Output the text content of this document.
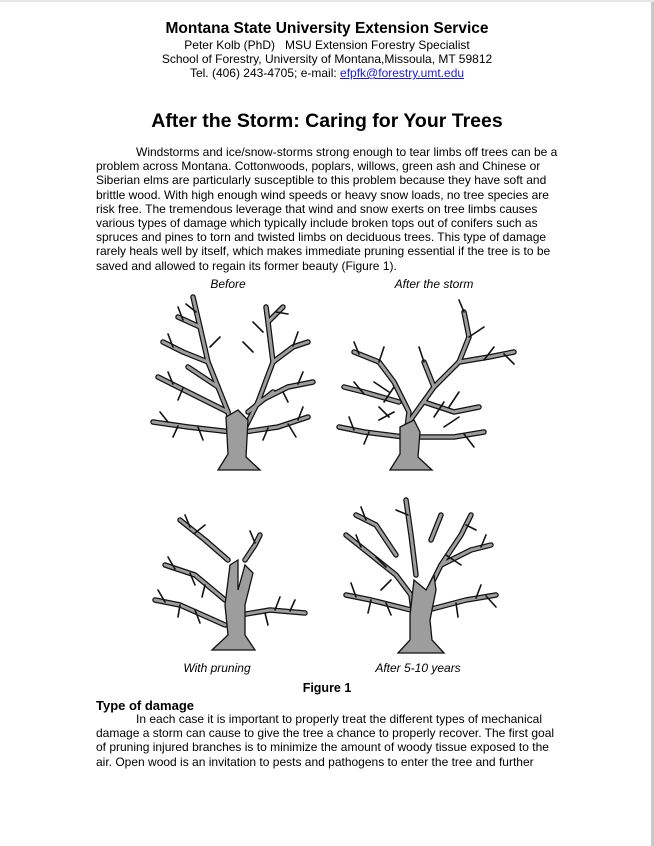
Montana State University Extension Service
Peter Kolb (PhD)   MSU Extension Forestry Specialist
School of Forestry, University of Montana,Missoula, MT 59812
Tel. (406) 243-4705; e-mail: efpfk@forestry.umt.edu
After the Storm: Caring for Your Trees
Windstorms and ice/snow-storms strong enough to tear limbs off trees can be a
problem across Montana. Cottonwoods, poplars, willows, green ash and Chinese or
Siberian elms are particularly susceptible to this problem because they have soft and
brittle wood. With high enough wind speeds or heavy snow loads, no tree species are
risk free. The tremendous leverage that wind and snow exerts on tree limbs causes
various types of damage which typically include broken tops out of conifers such as
spruces and pines to torn and twisted limbs on deciduous trees. This type of damage
rarely heals well by itself, which makes immediate pruning essential if the tree is to be
saved and allowed to regain its former beauty (Figure 1).
Before	After the storm
With pruning	After 5-10 years
Figure 1
Type of damage
In each case it is important to properly treat the different types of mechanical
damage a storm can cause to give the tree a chance to properly recover. The first goal
of pruning injured branches is to minimize the amount of woody tissue exposed to the
air. Open wood is an invitation to pests and pathogens to enter the tree and further
